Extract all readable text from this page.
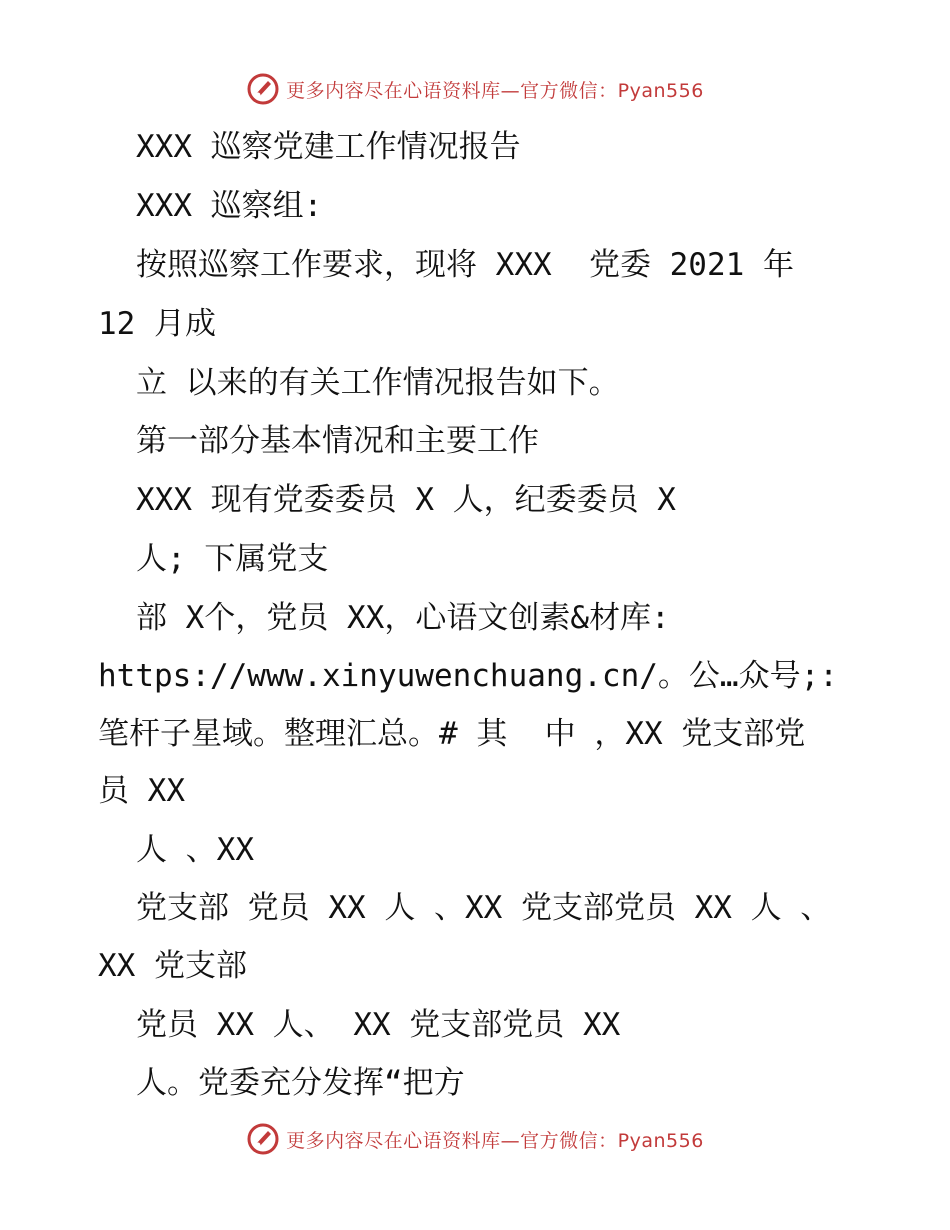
更多内容尽在心语资料库—官方微信：Pyan556
XXX 巡察党建工作情况报告
XXX 巡察组:
按照巡察工作要求，现将 XXX  党委 2021 年
12 月成
立 以来的有关工作情况报告如下。
第一部分基本情况和主要工作
XXX 现有党委委员 X 人，纪委委员 X
人; 下属党支
部 X个，党员 XX，心语文创素&材库:
https://www.xinyuwenchuang.cn/。公…众号;:
笔杆子星域。整理汇总。# 其  中 ，XX 党支部党
员 XX
人 、XX
党支部 党员 XX 人 、XX 党支部党员 XX 人 、
XX 党支部
党员 XX 人、 XX 党支部党员 XX
人。党委充分发挥“把方
更多内容尽在心语资料库—官方微信：Pyan556
